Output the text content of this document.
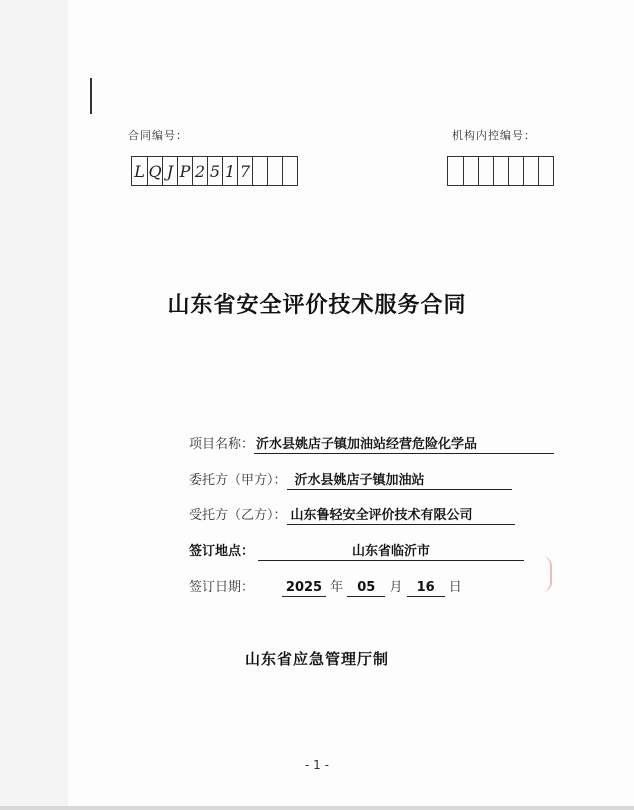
合同编号：
L Q J P 2 5 1 7
机构内控编号：
山东省安全评价技术服务合同
项目名称： 沂水县姚店子镇加油站经营危险化学品
委托方（甲方）： 沂水县姚店子镇加油站
受托方（乙方）： 山东鲁轻安全评价技术有限公司
签订地点：	山东省临沂市
签订日期： 2025 年 05 月 16 日
山东省应急管理厅制
- 1 -
